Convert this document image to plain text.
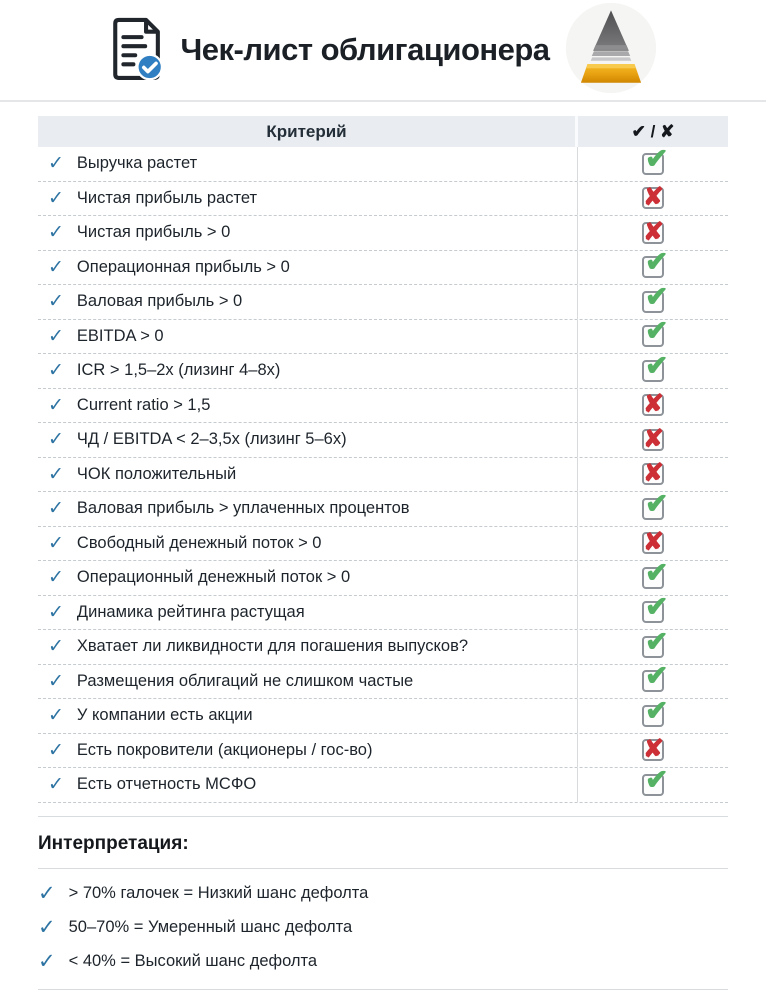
Чек-лист облигационера
Критерий	✔ / ✘
✓ Выручка растет	✔
✓ Чистая прибыль растет	✘
✓ Чистая прибыль > 0	✘
✓ Операционная прибыль > 0	✔
✓ Валовая прибыль > 0	✔
✓ EBITDA > 0	✔
✓ ICR > 1,5–2x (лизинг 4–8x)	✔
✓ Current ratio > 1,5	✘
✓ ЧД / EBITDA < 2–3,5x (лизинг 5–6x)	✘
✓ ЧОК положительный	✘
✓ Валовая прибыль > уплаченных процентов	✔
✓ Свободный денежный поток > 0	✘
✓ Операционный денежный поток > 0	✔
✓ Динамика рейтинга растущая	✔
✓ Хватает ли ликвидности для погашения выпусков?	✔
✓ Размещения облигаций не слишком частые	✔
✓ У компании есть акции	✔
✓ Есть покровители (акционеры / гос-во)	✘
✓ Есть отчетность МСФО	✔
Интерпретация:
✓ > 70% галочек = Низкий шанс дефолта
✓ 50–70% = Умеренный шанс дефолта
✓ < 40% = Высокий шанс дефолта
